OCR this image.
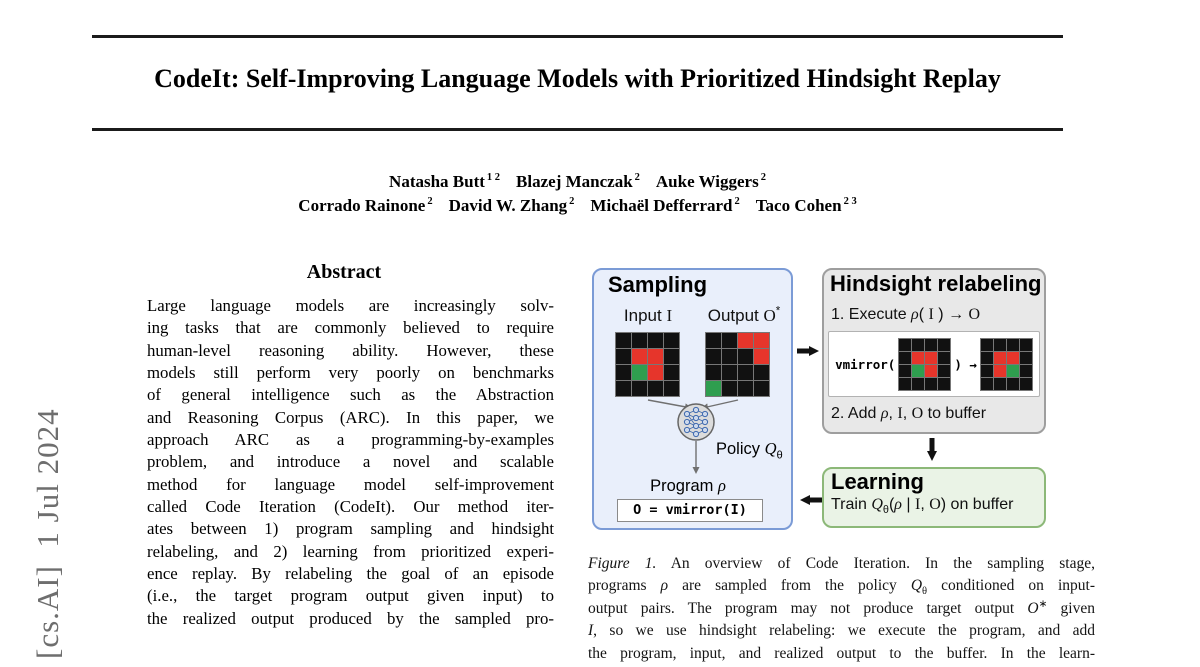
[cs.AI]  1 Jul 2024
CodeIt: Self-Improving Language Models with Prioritized Hindsight Replay
Natasha Butt $^{1 2}$ Blazej Manczak $^2$ Auke Wiggers $^2$
Corrado Rainone $^2$ David W. Zhang $^2$ Michaël Defferrard $^2$ Taco Cohen $^{2 3}$
Abstract
Large language models are increasingly solv-
ing tasks that are commonly believed to require
human-level reasoning ability. However, these
models still perform very poorly on benchmarks
of general intelligence such as the Abstraction
and Reasoning Corpus (ARC). In this paper, we
approach ARC as a programming-by-examples
problem, and introduce a novel and scalable
method for language model self-improvement
called Code Iteration (CodeIt). Our method iter-
ates between 1) program sampling and hindsight
relabeling, and 2) learning from prioritized experi-
ence replay. By relabeling the goal of an episode
(i.e., the target program output given input) to
the realized output produced by the sampled pro-
Sampling
Input I	Output O*
Policy $Q_\theta$
Program ρ
O = vmirror(I)
Hindsight relabeling
1. Execute ρ( I ) → O
vmirror(	) →
2. Add ρ, I, O to buffer
Learning
Train $Q_\theta(\rho$ | I, O) on buffer
Figure 1. An overview of Code Iteration. In the sampling stage,
programs ρ are sampled from the policy $Q_\theta$ conditioned on input-
output pairs. The program may not produce target output O∗ given
I, so we use hindsight relabeling: we execute the program, and add
the program, input, and realized output to the buffer. In the learn-
